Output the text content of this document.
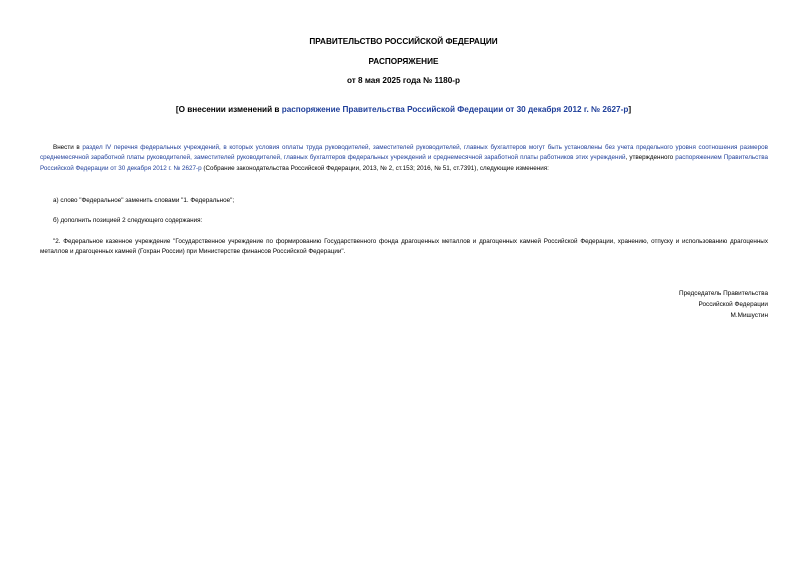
ПРАВИТЕЛЬСТВО РОССИЙСКОЙ ФЕДЕРАЦИИ
РАСПОРЯЖЕНИЕ
от 8 мая 2025 года № 1180-р
[О внесении изменений в распоряжение Правительства Российской Федерации от 30 декабря 2012 г. № 2627-р]
Внести в раздел IV перечня федеральных учреждений, в которых условия оплаты труда руководителей, заместителей руководителей, главных бухгалтеров могут быть установлены без учета предельного уровня соотношения размеров среднемесячной заработной платы руководителей, заместителей руководителей, главных бухгалтеров федеральных учреждений и среднемесячной заработной платы работников этих учреждений, утвержденного распоряжением Правительства Российской Федерации от 30 декабря 2012 г. № 2627-р (Собрание законодательства Российской Федерации, 2013, № 2, ст.153; 2016, № 51, ст.7391), следующие изменения:
а) слово "Федеральное" заменить словами "1. Федеральное";
б) дополнить позицией 2 следующего содержания:
"2. Федеральное казенное учреждение "Государственное учреждение по формированию Государственного фонда драгоценных металлов и драгоценных камней Российской Федерации, хранению, отпуску и использованию драгоценных металлов и драгоценных камней (Гохран России) при Министерстве финансов Российской Федерации".
Председатель Правительства
Российской Федерации
М.Мишустин
